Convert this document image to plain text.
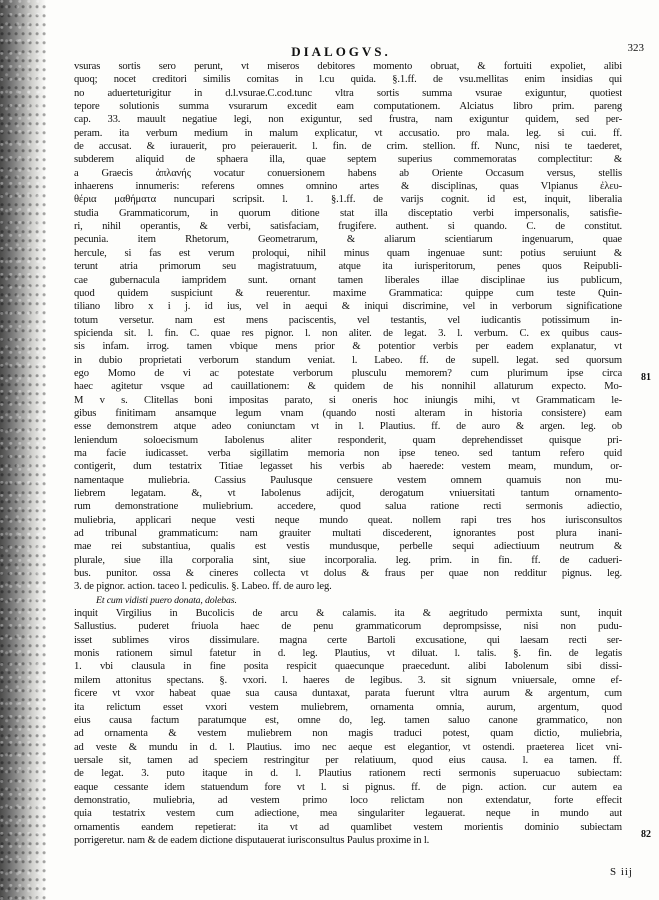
DIALOGVS.	323
vsuras sortis sero perunt, vt miseros debitores momento obruat, & fortuiti expoliet, alibi
quoq; nocet creditori similis comitas in l.cu quida. §.1.ff. de vsu.mellitas enim insidias qui
no aduerteturigitur in d.l.vsurae.C.cod.tunc vltra sortis summa vsurae exiguntur, quotiest
tepore solutionis summa vsurarum excedit eam computationem. Alciatus libro prim. pareng
cap. 33. mauult negatiue legi, non exiguntur, sed frustra, nam exiguntur quidem, sed per-
peram. ita verbum medium in malum explicatur, vt accusatio. pro mala. leg. si cui. ff.
de accusat. & iurauerit, pro peierauerit. l. fin. de crim. stellion. ff. Nunc, nisi te taederet,
subderem aliquid de sphaera illa, quae septem superius commemoratas complectitur: &
a Graecis ἀπλανής vocatur conuersionem habens ab Oriente Occasum versus, stellis
inhaerens innumeris: referens omnes omnino artes & disciplinas, quas Vlpianus ἐλευ-
θέρια μαθήματα nuncupari scripsit. l. 1. §.1.ff. de varijs cognit. id est, inquit, liberalia
studia Grammaticorum, in quorum ditione stat illa disceptatio verbi impersonalis, satisfie-
ri, nihil operantis, & verbi, satisfaciam, frugifere. authent. si quando. C. de constitut.
pecunia. item Rhetorum, Geometrarum, & aliarum scientiarum ingenuarum, quae
hercule, si fas est verum proloqui, nihil minus quam ingenuae sunt: potius seruiunt &
terunt atria primorum seu magistratuum, atque ita iurisperitorum, penes quos Reipubli-
cae gubernacula iampridem sunt. ornant tamen liberales illae disciplinae ius publicum,
quod quidem suspiciunt & reuerentur. maxime Grammatica: quippe cum teste Quin-
tiliano libro x i j. id ius, vel in aequi & iniqui discrimine, vel in verborum significatione
totum versetur. nam est mens paciscentis, vel testantis, vel iudicantis potissimum in-
spicienda sit. l. fin. C. quae res pignor. l. non aliter. de legat. 3. l. verbum. C. ex quibus caus-
sis infam. irrog. tamen vbique mens prior & potentior verbis per eadem explanatur, vt
in dubio proprietati verborum standum veniat. l. Labeo. ff. de supell. legat. sed quorsum
ego Momo de vi ac potestate verborum plusculu memorem? cum plurimum ipse circa
haec agitetur vsque ad cauillationem: & quidem de his nonnihil allaturum expecto. Mo-
M v s. Clitellas boni impositas parato, si oneris hoc iniungis mihi, vt Grammaticam le-
gibus finitimam ansamque legum vnam (quando nosti alteram in historia consistere) eam
esse demonstrem atque adeo coniunctam vt in l. Plautius. ff. de auro & argen. leg. ob
leniendum soloecismum Iabolenus aliter responderit, quam deprehendisset quisque pri-
ma facie iudicasset. verba sigillatim memoria non ipse teneo. sed tantum refero quid
contigerit, dum testatrix Titiae legasset his verbis ab haerede: vestem meam, mundum, or-
namentaque muliebria. Cassius Paulusque censuere vestem omnem quamuis non mu-
liebrem legatam. &, vt Iabolenus adijcit, derogatum vniuersitati tantum ornamento-
rum demonstratione muliebrium. accedere, quod salua ratione recti sermonis adiectio,
muliebria, applicari neque vesti neque mundo queat. nollem rapi tres hos iurisconsultos
ad tribunal grammaticum: nam grauiter multati discederent, ignorantes post plura inani-
mae rei substantiua, qualis est vestis mundusque, perbelle sequi adiectiuum neutrum &
plurale, siue illa corporalia sint, siue incorporalia. leg. prim. in fin. ff. de cadueri-
bus. punitor. ossa & cineres collecta vt dolus & fraus per quae non redditur pignus. leg.
3. de pignor. action. taceo l. pediculis. §. Labeo. ff. de auro leg.
Et cum vidisti puero donata, dolebas.
inquit Virgilius in Bucolicis de arcu & calamis. ita & aegritudo permixta sunt, inquit
Sallustius. puderet friuola haec de penu grammaticorum deprompsisse, nisi non pudu-
isset sublimes viros dissimulare. magna certe Bartoli excusatione, qui laesam recti ser-
monis rationem simul fatetur in d. leg. Plautius, vt diluat. l. talis. §. fin. de legatis
1. vbi clausula in fine posita respicit quaecunque praecedunt. alibi Iabolenum sibi dissi-
milem attonitus spectans. §. vxori. l. haeres de legibus. 3. sit signum vniuersale, omne ef-
ficere vt vxor habeat quae sua causa duntaxat, parata fuerunt vltra aurum & argentum, cum
ita relictum esset vxori vestem muliebrem, ornamenta omnia, aurum, argentum, quod
eius causa factum paratumque est, omne do, leg. tamen saluo canone grammatico, non
ad ornamenta & vestem muliebrem non magis traduci potest, quam dictio, muliebria,
ad veste & mundu in d. l. Plautius. imo nec aeque est elegantior, vt ostendi. praeterea licet vni-
uersale sit, tamen ad speciem restringitur per relatiuum, quod eius causa. l. ea tamen. ff.
de legat. 3. puto itaque in d. l. Plautius rationem recti sermonis superuacuo subiectam:
eaque cessante idem statuendum fore vt l. si pignus. ff. de pign. action. cur autem ea
demonstratio, muliebria, ad vestem primo loco relictam non extendatur, forte effecit
quia testatrix vestem cum adiectione, mea singulariter legauerat. neque in mundo aut
ornamentis eandem repetierat: ita vt ad quamlibet vestem morientis dominio subiectam
porrigeretur. nam & de eadem dictione disputauerat iurisconsultus Paulus proxime in l.
81
82
S iij
